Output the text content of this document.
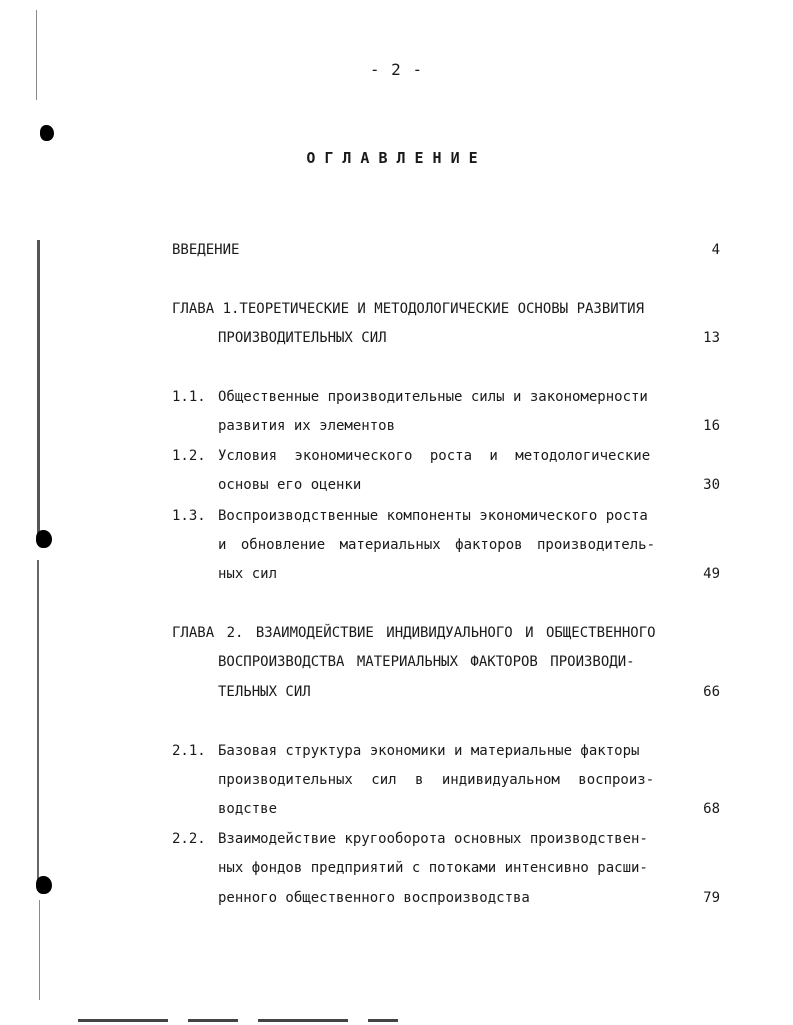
- 2 -
ОГЛАВЛЕНИЕ
ВВЕДЕНИЕ	4
ГЛАВА 1.ТЕОРЕТИЧЕСКИЕ И МЕТОДОЛОГИЧЕСКИЕ ОСНОВЫ РАЗВИТИЯ
ПРОИЗВОДИТЕЛЬНЫХ СИЛ	13
1.1. Общественные производительные силы и закономерности
развития их элементов	16
1.2. Условия экономического роста и методологические
основы его оценки	30
1.3. Воспроизводственные компоненты экономического роста
и обновление материальных факторов производитель-
ных сил	49
ГЛАВА 2. ВЗАИМОДЕЙСТВИЕ ИНДИВИДУАЛЬНОГО И ОБЩЕСТВЕННОГО
ВОСПРОИЗВОДСТВА МАТЕРИАЛЬНЫХ ФАКТОРОВ ПРОИЗВОДИ-
ТЕЛЬНЫХ СИЛ	66
2.1. Базовая структура экономики и материальные факторы
производительных сил в индивидуальном воспроиз-
водстве	68
2.2. Взаимодействие кругооборота основных производствен-
ных фондов предприятий с потоками интенсивно расши-
ренного общественного воспроизводства	79
